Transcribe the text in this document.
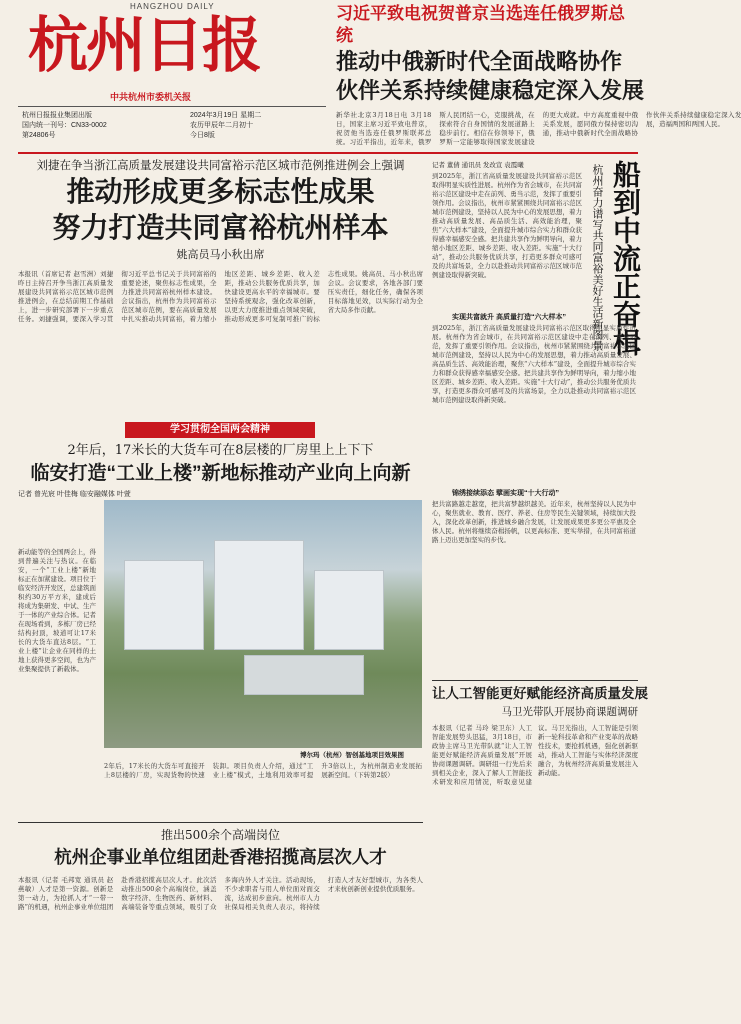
HANGZHOU DAILY
杭州日报
中共杭州市委机关报
杭州日报报业集团出版
国内统一刊号：CN33-0002
第24806号
2024年3月19日 星期二
农历甲辰年二月初十
今日8版
习近平致电祝贺普京当选连任俄罗斯总统
推动中俄新时代全面战略协作
伙伴关系持续健康稳定深入发展
新华社北京3月18日电 3月18日，国家主席习近平致电普京，祝贺他当选连任俄罗斯联邦总统。习近平指出，近年来，俄罗斯人民团结一心，克服挑战，在探索符合自身国情的发展道路上稳步前行。相信在你领导下，俄罗斯一定能够取得国家发展建设的更大成就。中方高度重视中俄关系发展，愿同俄方保持密切沟通，推动中俄新时代全面战略协作伙伴关系持续健康稳定深入发展，造福两国和两国人民。
刘捷在争当浙江高质量发展建设共同富裕示范区城市范例推进例会上强调
推动形成更多标志性成果
努力打造共同富裕杭州样本
姚高员马小秋出席
本报讯（首席记者 赵雪洲）刘捷昨日主持召开争当浙江高质量发展建设共同富裕示范区城市范例推进例会，在总结前期工作基础上，进一步研究部署下一步重点任务。刘捷强调，要深入学习贯彻习近平总书记关于共同富裕的重要论述，聚焦标志性成果，全力推进共同富裕杭州样本建设。会议指出，杭州作为共同富裕示范区城市范例，要在高质量发展中扎实推动共同富裕，着力缩小地区差距、城乡差距、收入差距，推动公共服务优质共享，加快建设更高水平的幸福城市。要坚持系统观念，强化改革创新，以更大力度推进重点领域突破，推动形成更多可复制可推广的标志性成果。姚高员、马小秋出席会议。会议要求，各地各部门要压实责任，细化任务，确保各项目标落地见效，以实际行动为全省大局多作贡献。
学习贯彻全国两会精神
2年后，17米长的大货车可在8层楼的厂房里上上下下
临安打造“工业上楼”新地标推动产业向上向新
记者 曾光宸 叶佳梅 临安融媒体 叶萱
新动能等的全国两会上，得到普遍关注与热议。在临安，一个“工业上楼”新地标正在加紧建设。项目位于临安经济开发区，总建筑面积约30万平方米，建成后将成为集研发、中试、生产于一体的产业综合体。记者在现场看到，多栋厂房已经结构封顶，坡道可让17米长的大货车直达8层。“工业上楼”让企业在同样的土地上获得更多空间，也为产业集聚提供了新载体。
博尔玛（杭州）智创基地项目效果图
2年后，17米长的大货车可直接开上8层楼的厂房，实现货物的快速装卸。项目负责人介绍，通过“工业上楼”模式，土地利用效率可提升3倍以上，为杭州制造业发展拓展新空间。（下转第2版）
船到中流正奋楫
杭州奋力谱写共同富裕美好生活新图景
记者 董倩 通讯员 发改宣 袁霞曦
到2025年，浙江省高质量发展建设共同富裕示范区取得明显实质性进展。杭州作为省会城市，在共同富裕示范区建设中走在前列、勇当示范，发挥了重要引领作用。会议指出，杭州市紧紧围绕共同富裕示范区城市范例建设，坚持以人民为中心的发展思想，着力推动高质量发展、高品质生活、高效能治理，聚焦“六大样本”建设，全面提升城市综合实力和群众获得感幸福感安全感。把共建共享作为鲜明导向，着力缩小地区差距、城乡差距、收入差距。实施“十大行动”，推动公共服务优质共享，打造更多群众可感可及的共富场景，全力以赴推动共同富裕示范区城市范例建设取得新突破。
实现共富就升 高质量打造“六大样本”
到2025年，浙江省高质量发展建设共同富裕示范区取得明显实质性进展。杭州作为省会城市，在共同富裕示范区建设中走在前列、勇当示范，发挥了重要引领作用。会议指出，杭州市紧紧围绕共同富裕示范区城市范例建设，坚持以人民为中心的发展思想，着力推动高质量发展、高品质生活、高效能治理，聚焦“六大样本”建设，全面提升城市综合实力和群众获得感幸福感安全感。把共建共享作为鲜明导向，着力缩小地区差距、城乡差距、收入差距。实施“十大行动”，推动公共服务优质共享，打造更多群众可感可及的共富场景，全力以赴推动共同富裕示范区城市范例建设取得新突破。
锦绣接续添态 擘画实现“十大行动”
把共富路越走越宽，把共富梦越织越美。近年来，杭州坚持以人民为中心，聚焦就业、教育、医疗、养老、住房等民生关键领域，持续加大投入，深化改革创新，推进城乡融合发展，让发展成果更多更公平惠及全体人民。杭州将继续奋楫扬帆，以更高标准、更实举措，在共同富裕道路上迈出更加坚实的步伐。
让人工智能更好赋能经济高质量发展
马卫光带队开展协商课题调研
本报讯（记者 马玲 梁卫东）人工智能发展势头迅猛，3月18日，市政协主席马卫光带队就“让人工智能更好赋能经济高质量发展”开展协商课题调研。调研组一行先后来到相关企业，深入了解人工智能技术研发和应用情况，听取意见建议。马卫光指出，人工智能是引领新一轮科技革命和产业变革的战略性技术，要抢抓机遇，强化创新驱动，推动人工智能与实体经济深度融合，为杭州经济高质量发展注入新动能。
推出500余个高端岗位
杭州企事业单位组团赴香港招揽高层次人才
本报讯（记者 毛邦宽 通讯员 赵燕敏）人才是第一资源。创新是第一动力，为抢抓人才“一带一路”的机遇，杭州企事业单位组团赴香港招揽高层次人才。此次活动推出500余个高端岗位，涵盖数字经济、生物医药、新材料、高端装备等重点领域，吸引了众多海内外人才关注。活动现场，不少求职者与用人单位面对面交流，达成初步意向。杭州市人力社保局相关负责人表示，将持续打造人才友好型城市，为各类人才来杭创新创业提供优质服务。
